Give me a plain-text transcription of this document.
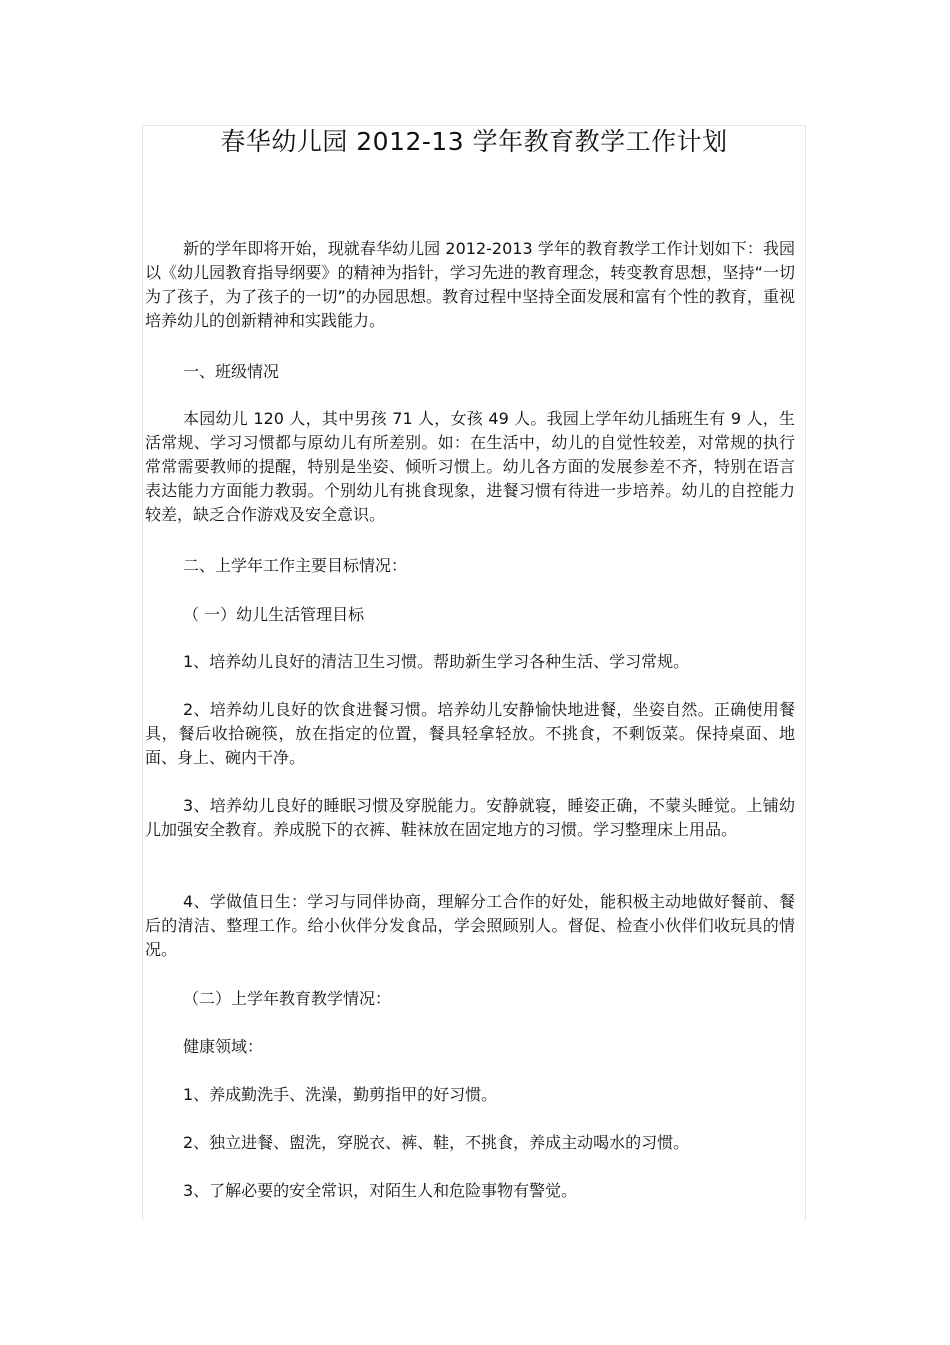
春华幼儿园 2012-13 学年教育教学工作计划

新的学年即将开始，现就春华幼儿园 2012-2013 学年的教育教学工作计划如下：我园以《幼儿园教育指导纲要》的精神为指针，学习先进的教育理念，转变教育思想，坚持“一切为了孩子，为了孩子的一切”的办园思想。教育过程中坚持全面发展和富有个性的教育，重视培养幼儿的创新精神和实践能力。

一、班级情况

本园幼儿 120 人，其中男孩 71 人，女孩 49 人。我园上学年幼儿插班生有 9 人，生活常规、学习习惯都与原幼儿有所差别。如：在生活中，幼儿的自觉性较差，对常规的执行常常需要教师的提醒，特别是坐姿、倾听习惯上。幼儿各方面的发展参差不齐，特别在语言表达能力方面能力教弱。个别幼儿有挑食现象，进餐习惯有待进一步培养。幼儿的自控能力较差，缺乏合作游戏及安全意识。

二、上学年工作主要目标情况：

（ 一）幼儿生活管理目标

1、培养幼儿良好的清洁卫生习惯。帮助新生学习各种生活、学习常规。

2、培养幼儿良好的饮食进餐习惯。培养幼儿安静愉快地进餐，坐姿自然。正确使用餐具，餐后收拾碗筷，放在指定的位置，餐具轻拿轻放。不挑食，不剩饭菜。保持桌面、地面、身上、碗内干净。

3、培养幼儿良好的睡眠习惯及穿脱能力。安静就寝，睡姿正确，不蒙头睡觉。上铺幼儿加强安全教育。养成脱下的衣裤、鞋袜放在固定地方的习惯。学习整理床上用品。

4、学做值日生：学习与同伴协商，理解分工合作的好处，能积极主动地做好餐前、餐后的清洁、整理工作。给小伙伴分发食品，学会照顾别人。督促、检查小伙伴们收玩具的情况。

（二）上学年教育教学情况：

健康领域：

1、养成勤洗手、洗澡，勤剪指甲的好习惯。

2、独立进餐、盥洗，穿脱衣、裤、鞋，不挑食，养成主动喝水的习惯。

3、了解必要的安全常识，对陌生人和危险事物有警觉。
